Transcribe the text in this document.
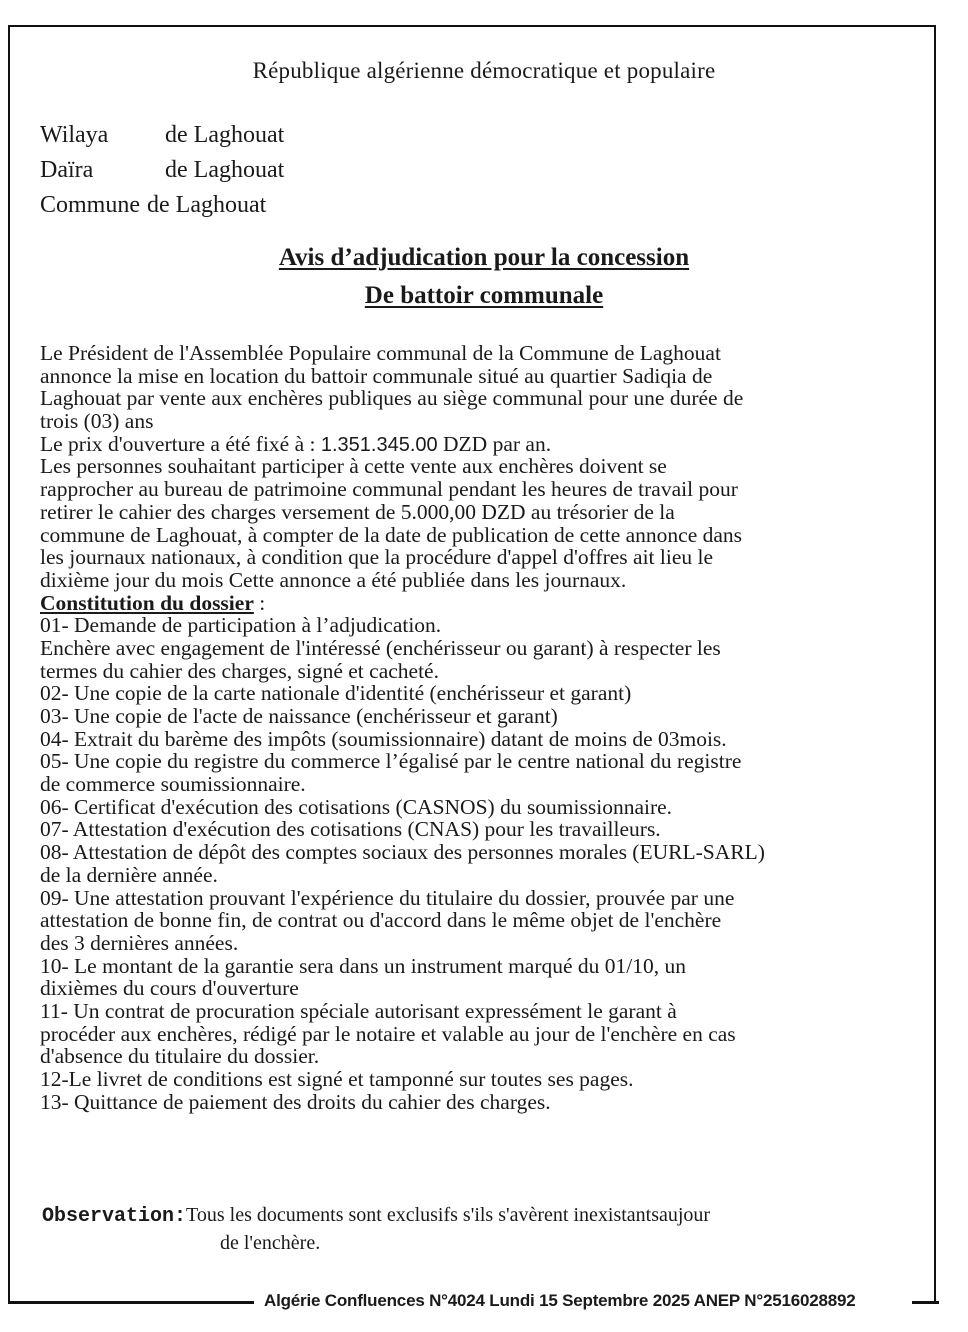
République algérienne démocratique et populaire
Wilaya	de Laghouat
Daïra	de Laghouat
Commune de Laghouat
Avis d’adjudication pour la concession
De battoir communale
Le Président de l'Assemblée Populaire communal de la Commune de Laghouat
annonce la mise en location du battoir communale situé au quartier Sadiqia de
Laghouat par vente aux enchères publiques au siège communal pour une durée de
trois (03) ans
Le prix d'ouverture a été fixé à : 1.351.345.00 DZD par an.
Les personnes souhaitant participer à cette vente aux enchères doivent se
rapprocher au bureau de patrimoine communal pendant les heures de travail pour
retirer le cahier des charges versement de 5.000,00 DZD au trésorier de la
commune de Laghouat, à compter de la date de publication de cette annonce dans
les journaux nationaux, à condition que la procédure d'appel d'offres ait lieu le
dixième jour du mois Cette annonce a été publiée dans les journaux.
Constitution du dossier :
01- Demande de participation à l’adjudication.
Enchère avec engagement de l'intéressé (enchérisseur ou garant) à respecter les
termes du cahier des charges, signé et cacheté.
02- Une copie de la carte nationale d'identité (enchérisseur et garant)
03- Une copie de l'acte de naissance (enchérisseur et garant)
04- Extrait du barème des impôts (soumissionnaire) datant de moins de 03mois.
05- Une copie du registre du commerce l’égalisé par le centre national du registre
de commerce soumissionnaire.
06- Certificat d'exécution des cotisations (CASNOS) du soumissionnaire.
07- Attestation d'exécution des cotisations (CNAS) pour les travailleurs.
08- Attestation de dépôt des comptes sociaux des personnes morales (EURL-SARL)
de la dernière année.
09- Une attestation prouvant l'expérience du titulaire du dossier, prouvée par une
attestation de bonne fin, de contrat ou d'accord dans le même objet de l'enchère
des 3 dernières années.
10- Le montant de la garantie sera dans un instrument marqué du 01/10, un
dixièmes du cours d'ouverture
11- Un contrat de procuration spéciale autorisant expressément le garant à
procéder aux enchères, rédigé par le notaire et valable au jour de l'enchère en cas
d'absence du titulaire du dossier.
12-Le livret de conditions est signé et tamponné sur toutes ses pages.
13- Quittance de paiement des droits du cahier des charges.
Observation:Tous les documents sont exclusifs s'ils s'avèrent inexistantsaujour
de l'enchère.
Algérie Confluences N°4024 Lundi 15 Septembre 2025 ANEP N°2516028892
